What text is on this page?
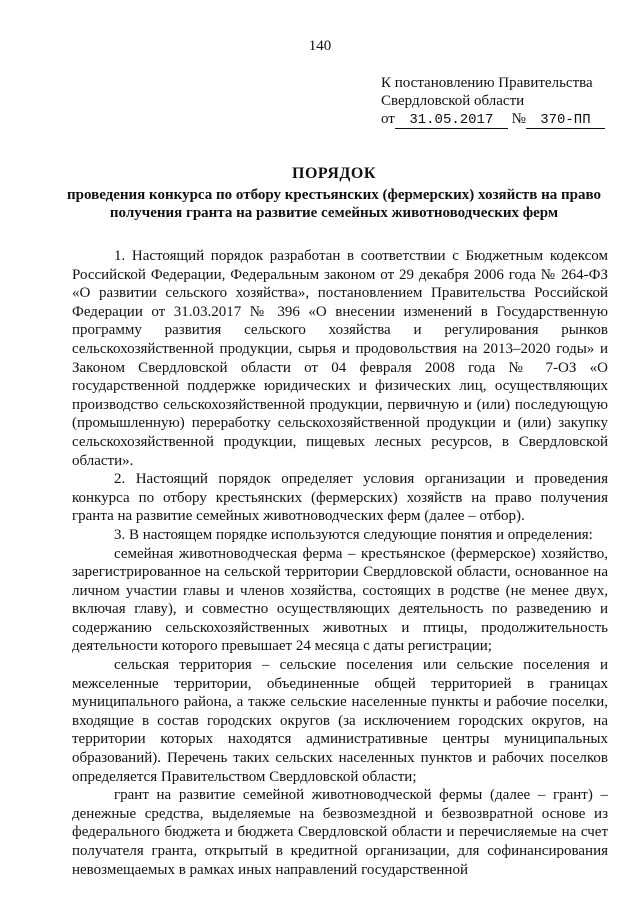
140
К постановлению Правительства
Свердловской области
от 31.05.2017 № 370-ПП
ПОРЯДОК
проведения конкурса по отбору крестьянских (фермерских) хозяйств на право получения гранта на развитие семейных животноводческих ферм

1. Настоящий порядок разработан в соответствии с Бюджетным кодексом Российской Федерации, Федеральным законом от 29 декабря 2006 года № 264-ФЗ «О развитии сельского хозяйства», постановлением Правительства Российской Федерации от 31.03.2017 № 396 «О внесении изменений в Государственную программу развития сельского хозяйства и регулирования рынков сельскохозяйственной продукции, сырья и продовольствия на 2013–2020 годы» и Законом Свердловской области от 04 февраля 2008 года № 7-ОЗ «О государственной поддержке юридических и физических лиц, осуществляющих производство сельскохозяйственной продукции, первичную и (или) последующую (промышленную) переработку сельскохозяйственной продукции и (или) закупку сельскохозяйственной продукции, пищевых лесных ресурсов, в Свердловской области».

2. Настоящий порядок определяет условия организации и проведения конкурса по отбору крестьянских (фермерских) хозяйств на право получения гранта на развитие семейных животноводческих ферм (далее – отбор).

3. В настоящем порядке используются следующие понятия и определения:

семейная животноводческая ферма – крестьянское (фермерское) хозяйство, зарегистрированное на сельской территории Свердловской области, основанное на личном участии главы и членов хозяйства, состоящих в родстве (не менее двух, включая главу), и совместно осуществляющих деятельность по разведению и содержанию сельскохозяйственных животных и птицы, продолжительность деятельности которого превышает 24 месяца с даты регистрации;

сельская территория – сельские поселения или сельские поселения и межселенные территории, объединенные общей территорией в границах муниципального района, а также сельские населенные пункты и рабочие поселки, входящие в состав городских округов (за исключением городских округов, на территории которых находятся административные центры муниципальных образований). Перечень таких сельских населенных пунктов и рабочих поселков определяется Правительством Свердловской области;

грант на развитие семейной животноводческой фермы (далее – грант) – денежные средства, выделяемые на безвозмездной и безвозвратной основе из федерального бюджета и бюджета Свердловской области и перечисляемые на счет получателя гранта, открытый в кредитной организации, для софинансирования невозмещаемых в рамках иных направлений государственной
